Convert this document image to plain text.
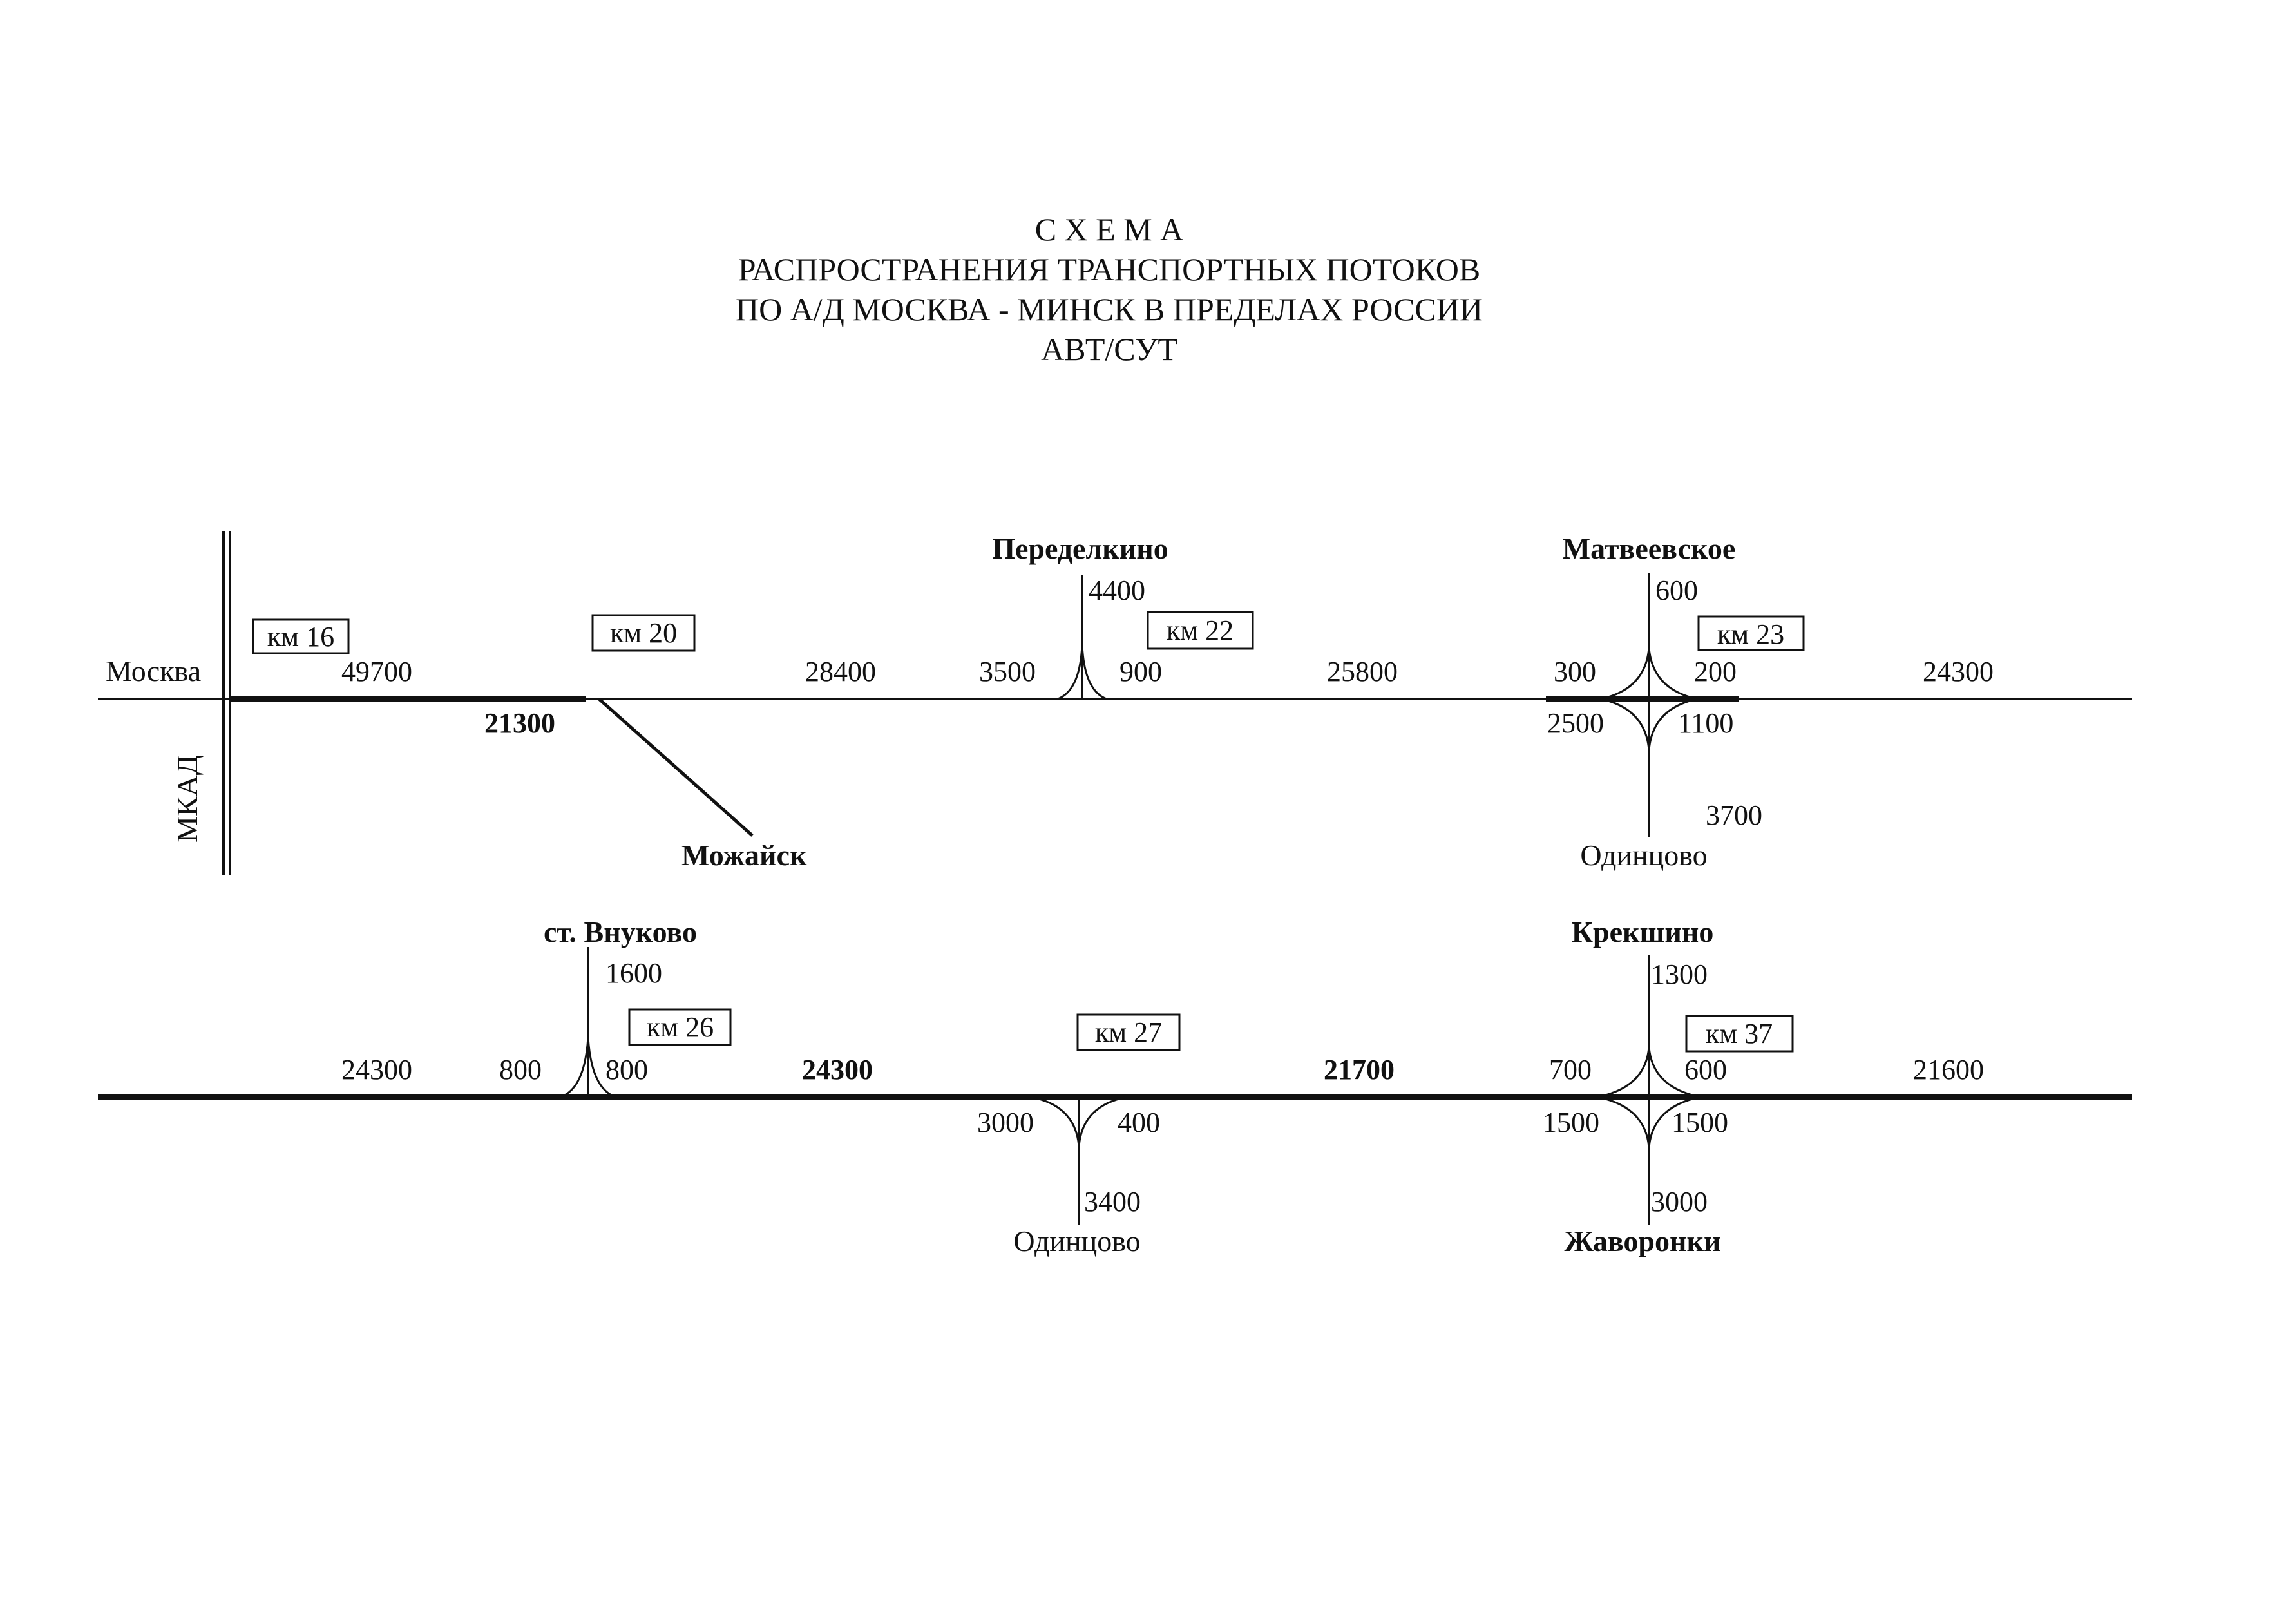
С Х Е М А
РАСПРОСТРАНЕНИЯ ТРАНСПОРТНЫХ ПОТОКОВ
ПО А/Д МОСКВА - МИНСК В ПРЕДЕЛАХ РОССИИ
АВТ/СУТ
км 16	км 20	км 22	км 23
Москва
МКАД
49700
21300
Можайск
28400
Переделкино
4400
3500	900	25800
Матвеевское
600
300	200
2500	1100
3700
Одинцово
24300
км 26	км 27	км 37
24300
ст. Внуково
1600
800 800	24300
3000	400
3400
Одинцово
21700
Крекшино
1300
700	600
1500	1500
3000
Жаворонки
21600
